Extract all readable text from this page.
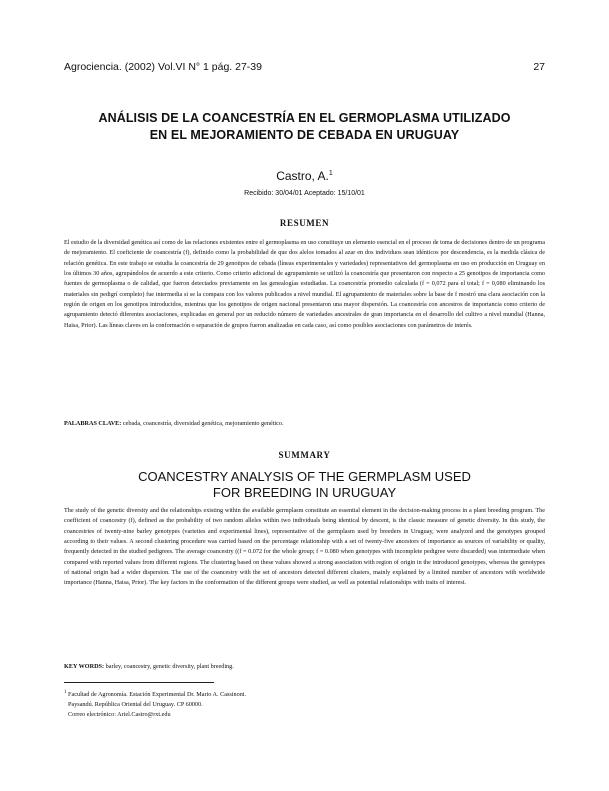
Agrociencia. (2002) Vol.VI N° 1 pág. 27-39	27
ANÁLISIS DE LA COANCESTRÍA EN EL GERMOPLASMA UTILIZADO
EN EL MEJORAMIENTO DE CEBADA EN URUGUAY
Castro, A.$^1$
Recibido: 30/04/01 Aceptado: 15/10/01
RESUMEN
El estudio de la diversidad genética así como de las relaciones existentes entre el germoplasma en uso constituye un elemento esencial en el proceso de toma de decisiones dentro de un programa de mejoramiento. El coeficiente de coancestría (f), definido como la probabilidad de que dos alelos tomados al azar en dos individuos sean idénticos por descendencia, es la medida clásica de relación genética. En este trabajo se estudia la coancestría de 29 genotipos de cebada (líneas experimentales y variedades) representativos del germoplasma en uso en producción en Uruguay en los últimos 30 años, agrupándolos de acuerdo a este criterio. Como criterio adicional de agrupamiento se utilizó la coancestría que presentaron con respecto a 25 genotipos de importancia como fuentes de germoplasma o de calidad, que fueron detectados previamente en las genealogías estudiadas. La coancestría promedio calculada (f = 0,072 para el total; f = 0,080 eliminando los materiales sin pedigrí completo) fue intermedia si se la compara con los valores publicados a nivel mundial. El agrupamiento de materiales sobre la base de f mostró una clara asociación con la región de origen en los genotipos introducidos, mientras que los genotipos de origen nacional presentaron una mayor dispersión. La coancestría con ancestros de importancia como criterio de agrupamiento detectó diferentes asociaciones, explicadas en general por un reducido número de variedades ancestrales de gran importancia en el desarrollo del cultivo a nivel mundial (Hanna, Haisa, Prior). Las líneas claves en la conformación o separación de grupos fueron analizadas en cada caso, así como posibles asociaciones con parámetros de interés.
PALABRAS CLAVE: cebada, coancestría, diversidad genética, mejoramiento genético.
SUMMARY
COANCESTRY ANALYSIS OF THE GERMPLASM USED
FOR BREEDING IN URUGUAY
The study of the genetic diversity and the relationships existing within the available germplasm constitute an essential element in the decision-making process in a plant breeding program. The coefficient of coancestry (f), defined as the probability of two random alleles within two individuals being identical by descent, is the classic measure of genetic diversity. In this study, the coancestries of twenty-nine barley genotypes (varieties and experimental lines), representative of the germplasm used by breeders in Uruguay, were analyzed and the genotypes grouped according to their values. A second clustering procedure was carried based on the percentage relationship with a set of twenty-five ancestors of importance as sources of variability or quality, frequently detected in the studied pedigrees. The average coancestry ((f = 0.072 for the whole group; f = 0.080 when genotypes with incomplete pedigree were discarded) was intermediate when compared with reported values from different regions. The clustering based on these values showed a strong association with region of origin in the introduced genotypes, whereas the genotypes of national origin had a wider dispersion. The use of the coancestry with the set of ancestors detected different clusters, mainly explained by a limited number of ancestors with worldwide importance (Hanna, Haisa, Prior). The key factors in the conformation of the different groups were studied, as well as potential relationships with traits of interest.
KEY WORDS: barley, coancestry, genetic diversity, plant breeding.
$^1$ Facultad de Agronomía. Estación Experimental Dr. Mario A. Cassinoni.
Paysandú. República Oriental del Uruguay. CP 60000.
Correo electrónico: Ariel.Castro@rxt.edu
